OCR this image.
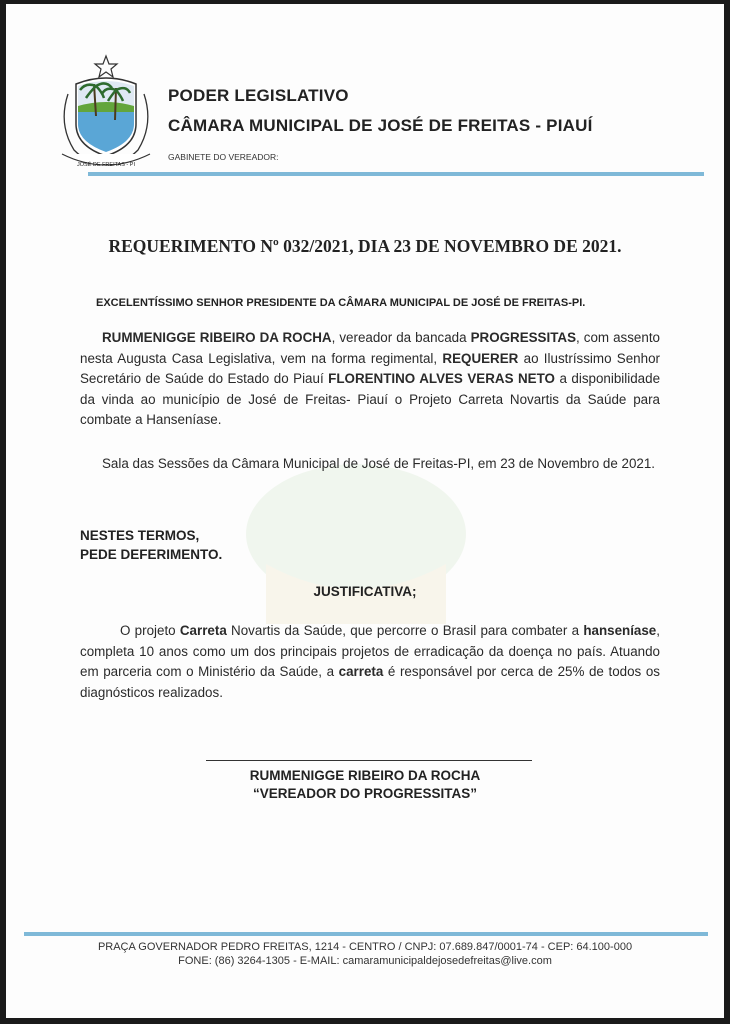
JOSÉ DE FREITAS - PI
PODER LEGISLATIVO
CÂMARA MUNICIPAL DE JOSÉ DE FREITAS - PIAUÍ
GABINETE DO VEREADOR:
REQUERIMENTO Nº 032/2021, DIA 23 DE NOVEMBRO DE 2021.
EXCELENTÍSSIMO SENHOR PRESIDENTE DA CÂMARA MUNICIPAL DE JOSÉ DE FREITAS-PI.
RUMMENIGGE RIBEIRO DA ROCHA, vereador da bancada PROGRESSITAS, com assento nesta Augusta Casa Legislativa, vem na forma regimental, REQUERER ao Ilustríssimo Senhor Secretário de Saúde do Estado do Piauí FLORENTINO ALVES VERAS NETO a disponibilidade da vinda ao município de José de Freitas- Piauí o Projeto Carreta Novartis da Saúde para combate a Hanseníase.
Sala das Sessões da Câmara Municipal de José de Freitas-PI, em 23 de Novembro de 2021.
NESTES TERMOS,
PEDE DEFERIMENTO.
JUSTIFICATIVA;
O projeto Carreta Novartis da Saúde, que percorre o Brasil para combater a hanseníase, completa 10 anos como um dos principais projetos de erradicação da doença no país. Atuando em parceria com o Ministério da Saúde, a carreta é responsável por cerca de 25% de todos os diagnósticos realizados.
RUMMENIGGE RIBEIRO DA ROCHA
“VEREADOR DO PROGRESSITAS”
PRAÇA GOVERNADOR PEDRO FREITAS, 1214 - CENTRO / CNPJ: 07.689.847/0001-74 - CEP: 64.100-000
FONE: (86) 3264-1305 - E-MAIL: camaramunicipaldejosedefreitas@live.com
